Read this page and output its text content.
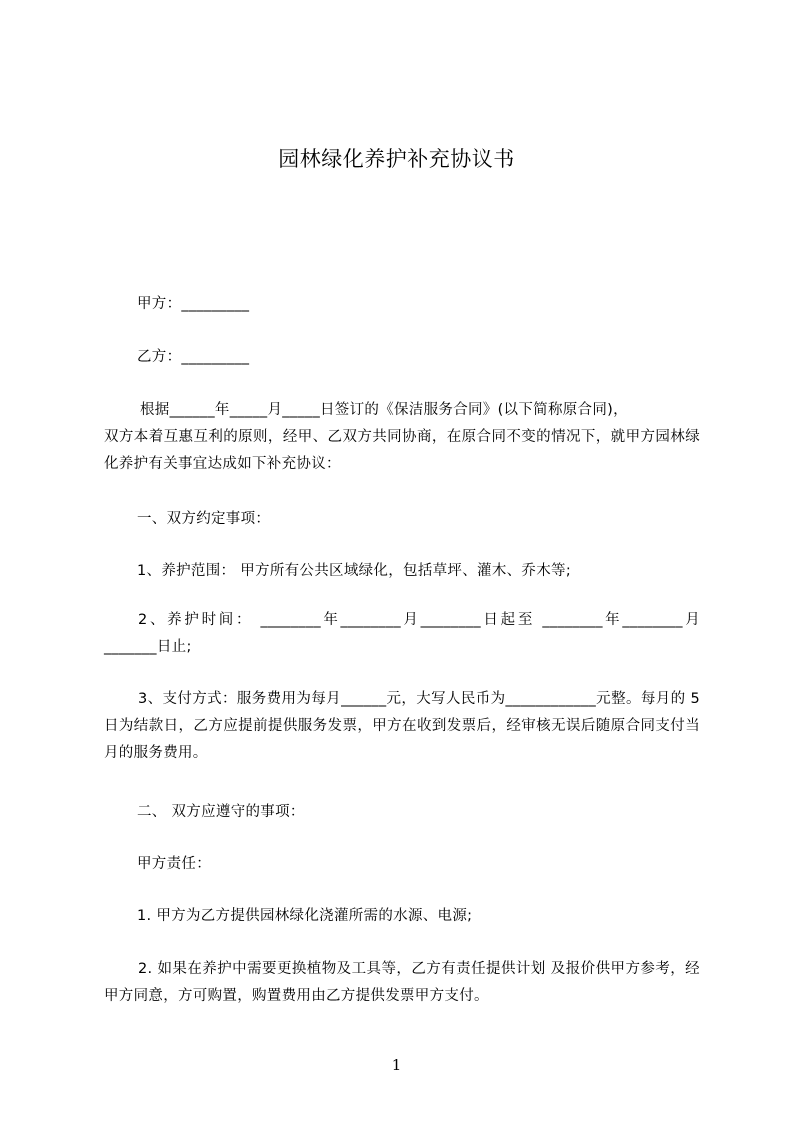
园林绿化养护补充协议书
甲方：_________
乙方：_________
根据______年_____月_____日签订的《保洁服务合同》(以下简称原合同)，
双方本着互惠互利的原则，经甲、乙双方共同协商，在原合同不变的情况下，就甲方园林绿化养护有关事宜达成如下补充协议：
一、双方约定事项：
1、养护范围： 甲方所有公共区域绿化，包括草坪、灌木、乔木等;
2、养护时间： ________年________月________日起至 ________年________月_______日止;
3、支付方式：服务费用为每月______元，大写人民币为____________元整。每月的 5 日为结款日，乙方应提前提供服务发票，甲方在收到发票后，经审核无误后随原合同支付当月的服务费用。
二、 双方应遵守的事项：
甲方责任：
1. 甲方为乙方提供园林绿化浇灌所需的水源、电源;
2. 如果在养护中需要更换植物及工具等，乙方有责任提供计划 及报价供甲方参考，经甲方同意，方可购置，购置费用由乙方提供发票甲方支付。
1
